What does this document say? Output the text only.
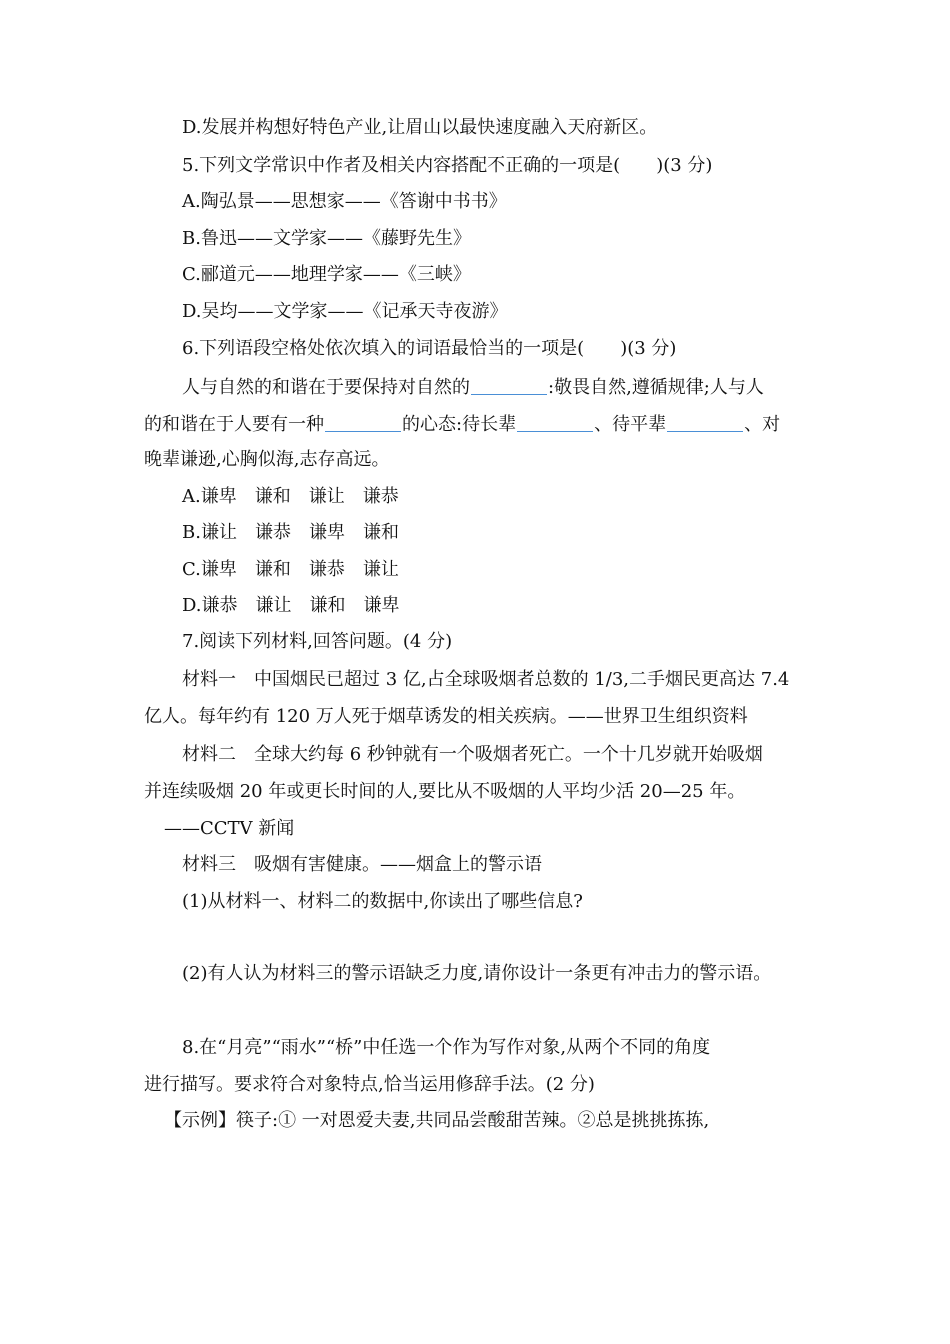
D.发展并构想好特色产业,让眉山以最快速度融入天府新区。
5.下列文学常识中作者及相关内容搭配不正确的一项是( )(3 分)
A.陶弘景——思想家——《答谢中书书》
B.鲁迅——文学家——《藤野先生》
C.郦道元——地理学家——《三峡》
D.吴均——文学家——《记承天寺夜游》
6.下列语段空格处依次填入的词语最恰当的一项是( )(3 分)
人与自然的和谐在于要保持对自然的	:敬畏自然,遵循规律;人与人
的和谐在于人要有一种	的心态:待长辈	、待平辈	、对
晚辈谦逊,心胸似海,志存高远。
A.谦卑 谦和 谦让 谦恭
B.谦让 谦恭 谦卑 谦和
C.谦卑 谦和 谦恭 谦让
D.谦恭 谦让 谦和 谦卑
7.阅读下列材料,回答问题。(4 分)
材料一　中国烟民已超过 3 亿,占全球吸烟者总数的 1/3,二手烟民更高达 7.4
亿人。每年约有 120 万人死于烟草诱发的相关疾病。——世界卫生组织资料
材料二　全球大约每 6 秒钟就有一个吸烟者死亡。一个十几岁就开始吸烟
并连续吸烟 20 年或更长时间的人,要比从不吸烟的人平均少活 20—25 年。
——CCTV 新闻
材料三　吸烟有害健康。——烟盒上的警示语
(1)从材料一、材料二的数据中,你读出了哪些信息?
(2)有人认为材料三的警示语缺乏力度,请你设计一条更有冲击力的警示语。
8.在“月亮”“雨水”“桥”中任选一个作为写作对象,从两个不同的角度
进行描写。要求符合对象特点,恰当运用修辞手法。(2 分)
【示例】筷子:① 一对恩爱夫妻,共同品尝酸甜苦辣。②总是挑挑拣拣,
